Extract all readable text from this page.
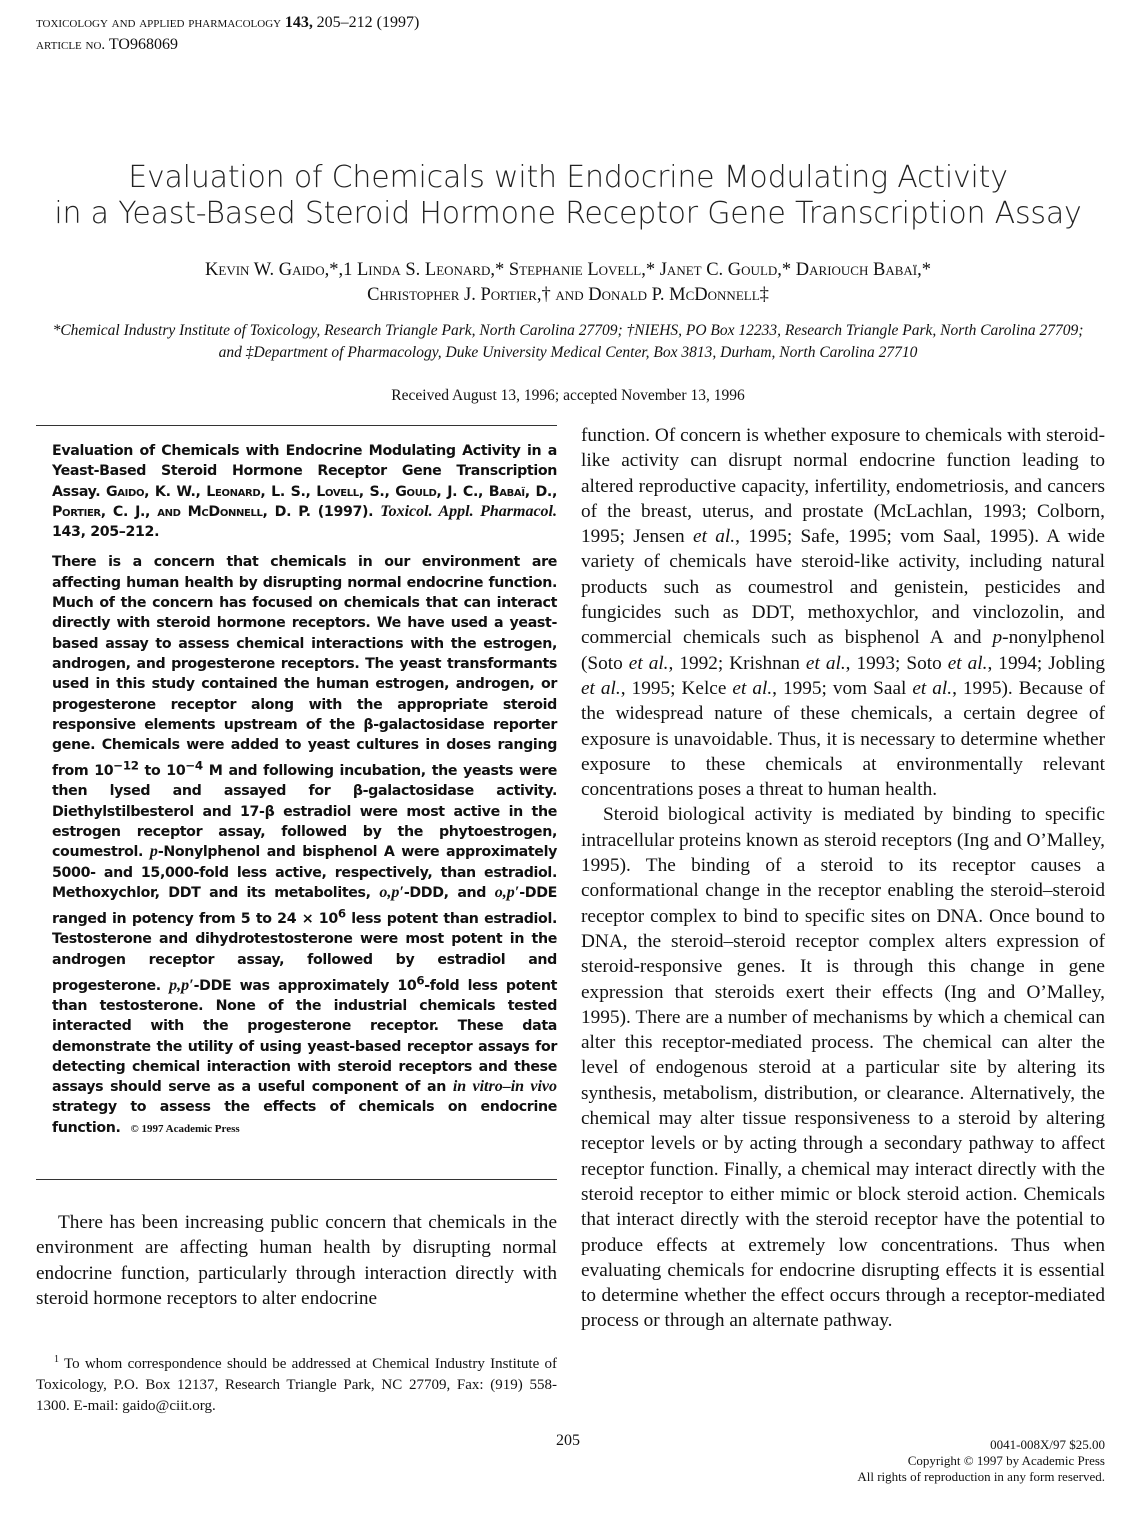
toxicology and applied pharmacology 143, 205–212 (1997)
article no. TO968069
Evaluation of Chemicals with Endocrine Modulating Activity
in a Yeast-Based Steroid Hormone Receptor Gene Transcription Assay
Kevin W. Gaido,*,1 Linda S. Leonard,* Stephanie Lovell,* Janet C. Gould,* Dariouch Babaï,*
Christopher J. Portier,† and Donald P. McDonnell‡
*Chemical Industry Institute of Toxicology, Research Triangle Park, North Carolina 27709; †NIEHS, PO Box 12233, Research Triangle Park, North Carolina 27709; and ‡Department of Pharmacology, Duke University Medical Center, Box 3813, Durham, North Carolina 27710
Received August 13, 1996; accepted November 13, 1996

Evaluation of Chemicals with Endocrine Modulating Activity in a Yeast-Based Steroid Hormone Receptor Gene Transcription Assay. Gaido, K. W., Leonard, L. S., Lovell, S., Gould, J. C., Babaï, D., Portier, C. J., and McDonnell, D. P. (1997). Toxicol. Appl. Pharmacol. 143, 205–212.

There is a concern that chemicals in our environment are affecting human health by disrupting normal endocrine function. Much of the concern has focused on chemicals that can interact directly with steroid hormone receptors. We have used a yeast-based assay to assess chemical interactions with the estrogen, androgen, and progesterone receptors. The yeast transformants used in this study contained the human estrogen, androgen, or progesterone receptor along with the appropriate steroid responsive elements upstream of the β-galactosidase reporter gene. Chemicals were added to yeast cultures in doses ranging from $10^{-12}$ to $10^{-4}$ M and following incubation, the yeasts were then lysed and assayed for β-galactosidase activity. Diethylstilbesterol and 17-β estradiol were most active in the estrogen receptor assay, followed by the phytoestrogen, coumestrol. p-Nonylphenol and bisphenol A were approximately 5000- and 15,000-fold less active, respectively, than estradiol. Methoxychlor, DDT and its metabolites, o,p′-DDD, and o,p′-DDE ranged in potency from 5 to $24 \times 10^6$ less potent than estradiol. Testosterone and dihydrotestosterone were most potent in the androgen receptor assay, followed by estradiol and progesterone. p,p′-DDE was approximately $10^6$-fold less potent than testosterone. None of the industrial chemicals tested interacted with the progesterone receptor. These data demonstrate the utility of using yeast-based receptor assays for detecting chemical interaction with steroid receptors and these assays should serve as a useful component of an in vitro–in vivo strategy to assess the effects of chemicals on endocrine function. © 1997 Academic Press

There has been increasing public concern that chemicals in the environment are affecting human health by disrupting normal endocrine function, particularly through interaction directly with steroid hormone receptors to alter endocrine

$^1$ To whom correspondence should be addressed at Chemical Industry Institute of Toxicology, P.O. Box 12137, Research Triangle Park, NC 27709, Fax: (919) 558-1300. E-mail: gaido@ciit.org.

function. Of concern is whether exposure to chemicals with steroid-like activity can disrupt normal endocrine function leading to altered reproductive capacity, infertility, endometriosis, and cancers of the breast, uterus, and prostate (McLachlan, 1993; Colborn, 1995; Jensen et al., 1995; Safe, 1995; vom Saal, 1995). A wide variety of chemicals have steroid-like activity, including natural products such as coumestrol and genistein, pesticides and fungicides such as DDT, methoxychlor, and vinclozolin, and commercial chemicals such as bisphenol A and p-nonylphenol (Soto et al., 1992; Krishnan et al., 1993; Soto et al., 1994; Jobling et al., 1995; Kelce et al., 1995; vom Saal et al., 1995). Because of the widespread nature of these chemicals, a certain degree of exposure is unavoidable. Thus, it is necessary to determine whether exposure to these chemicals at environmentally relevant concentrations poses a threat to human health.

Steroid biological activity is mediated by binding to specific intracellular proteins known as steroid receptors (Ing and O’Malley, 1995). The binding of a steroid to its receptor causes a conformational change in the receptor enabling the steroid–steroid receptor complex to bind to specific sites on DNA. Once bound to DNA, the steroid–steroid receptor complex alters expression of steroid-responsive genes. It is through this change in gene expression that steroids exert their effects (Ing and O’Malley, 1995). There are a number of mechanisms by which a chemical can alter this receptor-mediated process. The chemical can alter the level of endogenous steroid at a particular site by altering its synthesis, metabolism, distribution, or clearance. Alternatively, the chemical may alter tissue responsiveness to a steroid by altering receptor levels or by acting through a secondary pathway to affect receptor function. Finally, a chemical may interact directly with the steroid receptor to either mimic or block steroid action. Chemicals that interact directly with the steroid receptor have the potential to produce effects at extremely low concentrations. Thus when evaluating chemicals for endocrine disrupting effects it is essential to determine whether the effect occurs through a receptor-mediated process or through an alternate pathway.

205	0041-008X/97 $25.00
Copyright © 1997 by Academic Press
All rights of reproduction in any form reserved.
